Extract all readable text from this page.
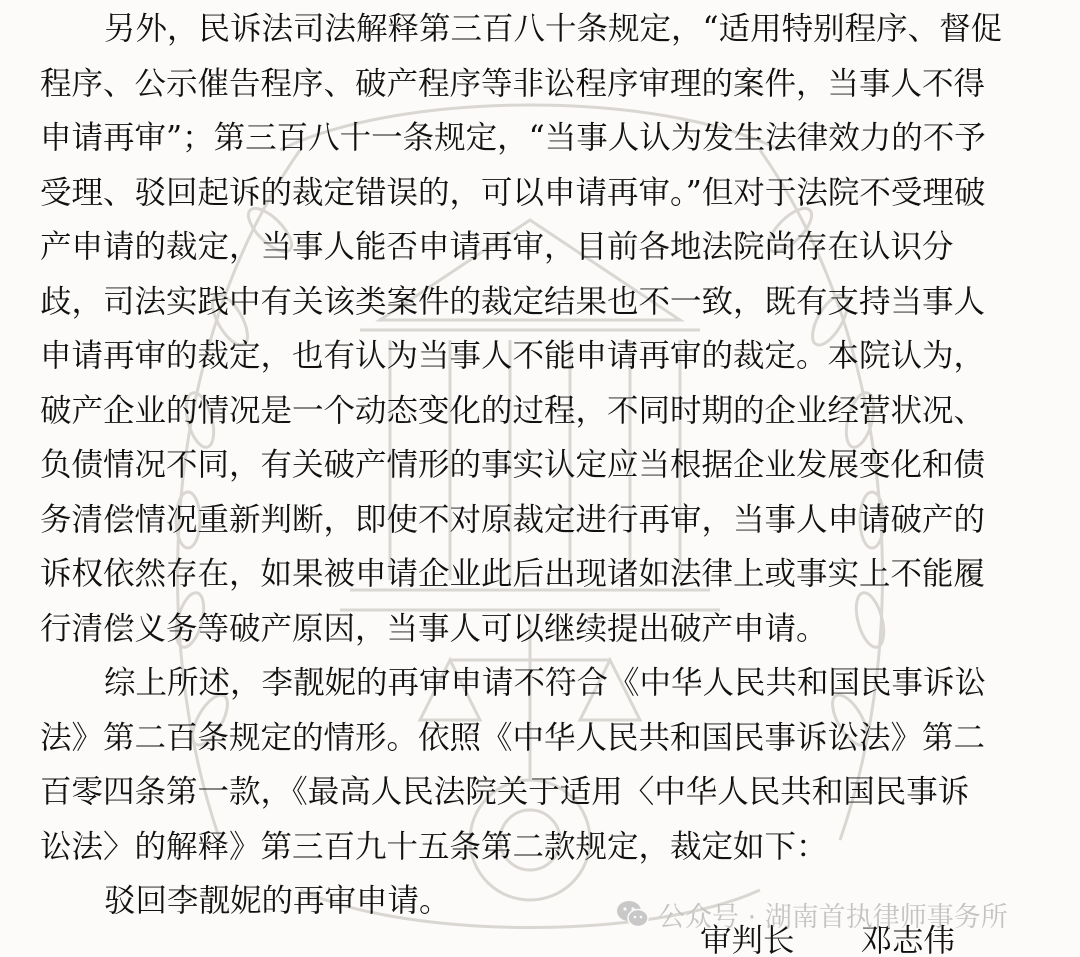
另外，民诉法司法解释第三百八十条规定，“适用特别程序、督促
程序、公示催告程序、破产程序等非讼程序审理的案件，当事人不得
申请再审”；第三百八十一条规定，“当事人认为发生法律效力的不予
受理、驳回起诉的裁定错误的，可以申请再审。”但对于法院不受理破
产申请的裁定，当事人能否申请再审，目前各地法院尚存在认识分
歧，司法实践中有关该类案件的裁定结果也不一致，既有支持当事人
申请再审的裁定，也有认为当事人不能申请再审的裁定。本院认为，
破产企业的情况是一个动态变化的过程，不同时期的企业经营状况、
负债情况不同，有关破产情形的事实认定应当根据企业发展变化和债
务清偿情况重新判断，即使不对原裁定进行再审，当事人申请破产的
诉权依然存在，如果被申请企业此后出现诸如法律上或事实上不能履
行清偿义务等破产原因，当事人可以继续提出破产申请。
综上所述，李靓妮的再审申请不符合《中华人民共和国民事诉讼
法》第二百条规定的情形。依照《中华人民共和国民事诉讼法》第二
百零四条第一款，《最高人民法院关于适用〈中华人民共和国民事诉
讼法〉的解释》第三百九十五条第二款规定，裁定如下：
驳回李靓妮的再审申请。
审判长 邓志伟
公众号 · 湖南首执律师事务所
